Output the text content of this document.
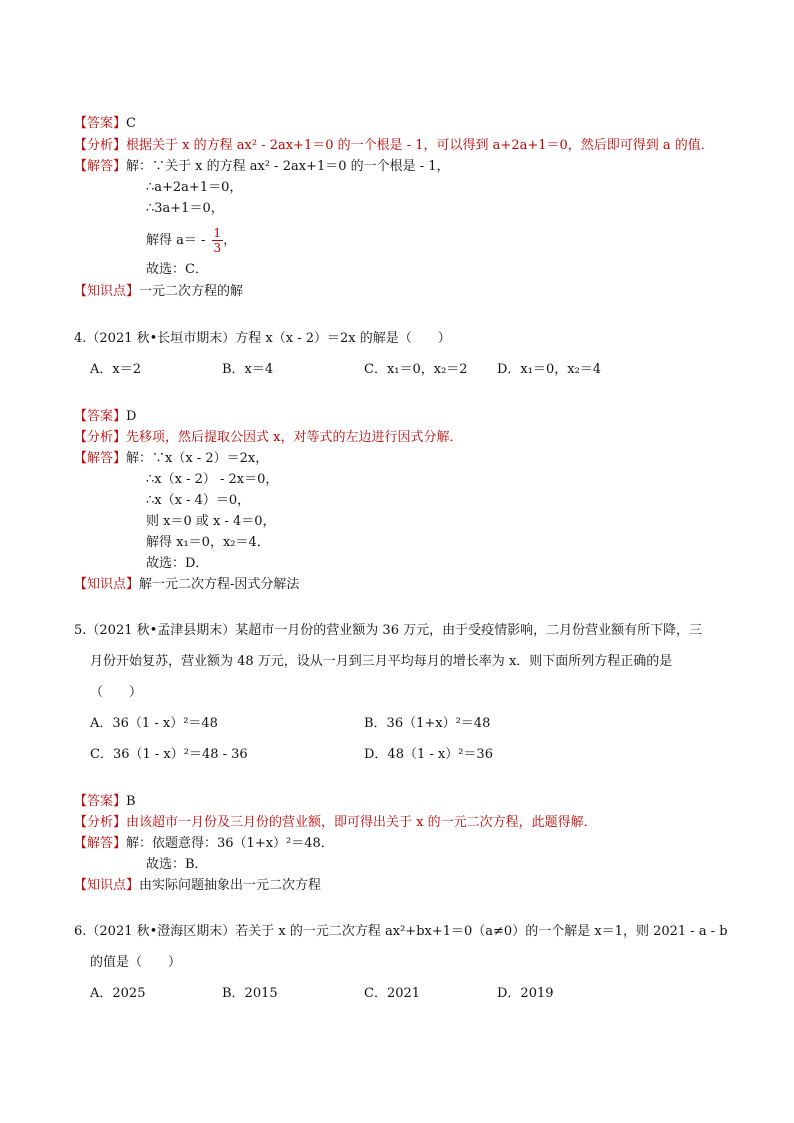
【答案】C
【分析】根据关于 x 的方程 ax² - 2ax+1＝0 的一个根是 - 1，可以得到 a+2a+1＝0，然后即可得到 a 的值．
【解答】解：∵关于 x 的方程 ax² - 2ax+1＝0 的一个根是 - 1，
∴a+2a+1＝0，
∴3a+1＝0，
解得 $a= - \frac{1}{3}$ ，
故选：C．
【知识点】一元二次方程的解
4.（2021 秋•长垣市期末）方程 x（x - 2）＝2x 的解是（　　）
A．x＝2	B．x＝4	C．x₁＝0，x₂＝2 D．x₁＝0，x₂＝4
【答案】D
【分析】先移项，然后提取公因式 x，对等式的左边进行因式分解．
【解答】解：∵x（x - 2）＝2x，
∴x（x - 2） - 2x＝0，
∴x（x - 4）＝0，
则 x＝0 或 x - 4＝0，
解得 x₁＝0，x₂＝4．
故选：D．
【知识点】解一元二次方程-因式分解法
5.（2021 秋•孟津县期末）某超市一月份的营业额为 36 万元，由于受疫情影响，二月份营业额有所下降，三
月份开始复苏，营业额为 48 万元，设从一月到三月平均每月的增长率为 x．则下面所列方程正确的是
（　　）
A．36（1 - x）²＝48	B．36（1+x）²＝48
C．36（1 - x）²＝48 - 36	D．48（1 - x）²＝36
【答案】B
【分析】由该超市一月份及三月份的营业额，即可得出关于 x 的一元二次方程，此题得解．
【解答】解：依题意得：36（1+x）²＝48．
故选：B．
【知识点】由实际问题抽象出一元二次方程
6.（2021 秋•澄海区期末）若关于 x 的一元二次方程 ax²+bx+1＝0（a≠0）的一个解是 x＝1，则 2021 - a - b
的值是（　　）
A．2025	B．2015	C．2021	D．2019
